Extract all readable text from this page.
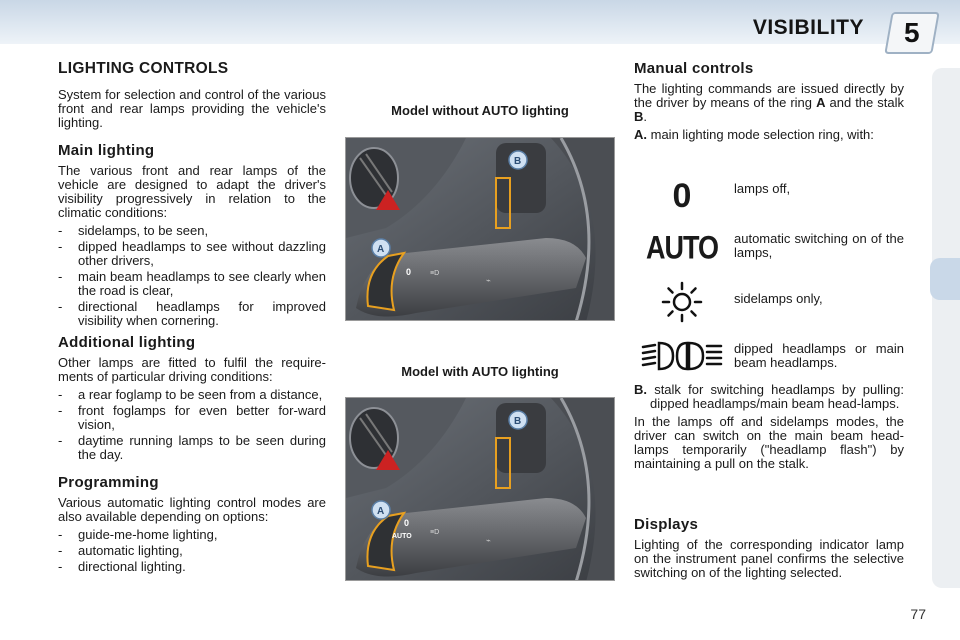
VISIBILITY 5
LIGHTING CONTROLS

System for selection and control of the various front and rear lamps providing the vehicle's lighting.

Main lighting

The various front and rear lamps of the vehicle are designed to adapt the driver's visibility progressively in relation to the climatic conditions:

- sidelamps, to be seen,
- dipped headlamps to see without dazzling other drivers,
- main beam headlamps to see clearly when the road is clear,
- directional headlamps for improved visibility when cornering.
Additional lighting

Other lamps are fitted to fulfil the require-ments of particular driving conditions:

- a rear foglamp to be seen from a distance,
- front foglamps for even better for-ward vision,
- daytime running lamps to be seen during the day.
Programming

Various automatic lighting control modes are also available depending on options:

- guide-me-home lighting,
- automatic lighting,
- directional lighting.
Model without AUTO lighting
0	≡D
⌁
A
B
Model with AUTO lighting
0
AUTO
≡D
⌁
A
B
Manual controls

The lighting commands are issued directly by the driver by means of the ring A and the stalk B.

A. main lighting mode selection ring, with:

0	lamps off,
AUTO automatic switching on of the lamps,
sidelamps only,
dipped headlamps or main beam headlamps.

B. stalk for switching headlamps by pulling: dipped headlamps/main beam head-lamps.

In the lamps off and sidelamps modes, the driver can switch on the main beam head-lamps temporarily ("headlamp flash") by maintaining a pull on the stalk.

Displays

Lighting of the corresponding indicator lamp on the instrument panel confirms the selective switching on of the lighting selected.

77
